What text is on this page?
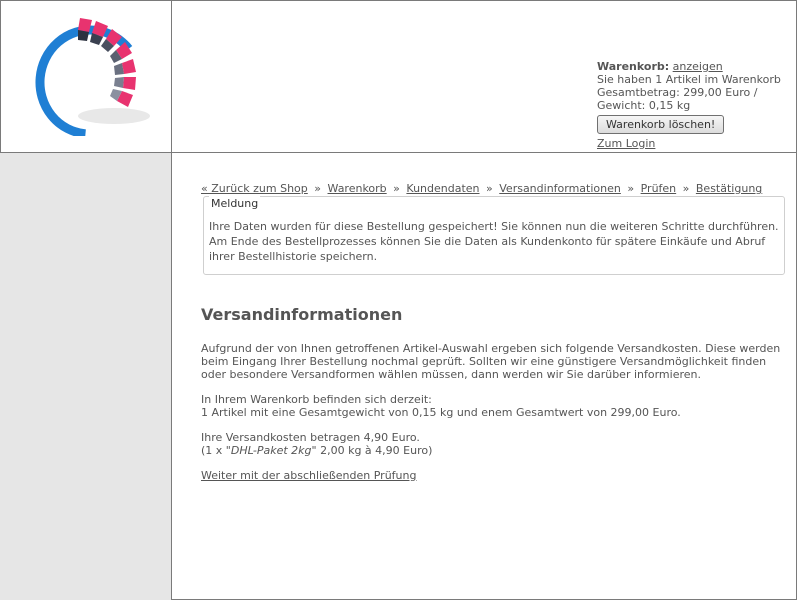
Warenkorb: anzeigen
Sie haben 1 Artikel im Warenkorb
Gesamtbetrag: 299,00 Euro /
Gewicht: 0,15 kg
Warenkorb löschen!
Zum Login
« Zurück zum Shop » Warenkorb » Kundendaten » Versandinformationen » Prüfen » Bestätigung
Meldung
Ihre Daten wurden für diese Bestellung gespeichert! Sie können nun die weiteren Schritte durchführen. Am Ende des Bestellprozesses können Sie die Daten als Kundenkonto für spätere Einkäufe und Abruf ihrer Bestellhistorie speichern.
Versandinformationen

Aufgrund der von Ihnen getroffenen Artikel-Auswahl ergeben sich folgende Versandkosten. Diese werden beim Eingang Ihrer Bestellung nochmal geprüft. Sollten wir eine günstigere Versandmöglichkeit finden oder besondere Versandformen wählen müssen, dann werden wir Sie darüber informieren.

In Ihrem Warenkorb befinden sich derzeit:
1 Artikel mit eine Gesamtgewicht von 0,15 kg und enem Gesamtwert von 299,00 Euro.

Ihre Versandkosten betragen 4,90 Euro.
(1 x "DHL-Paket 2kg" 2,00 kg à 4,90 Euro)

Weiter mit der abschließenden Prüfung
